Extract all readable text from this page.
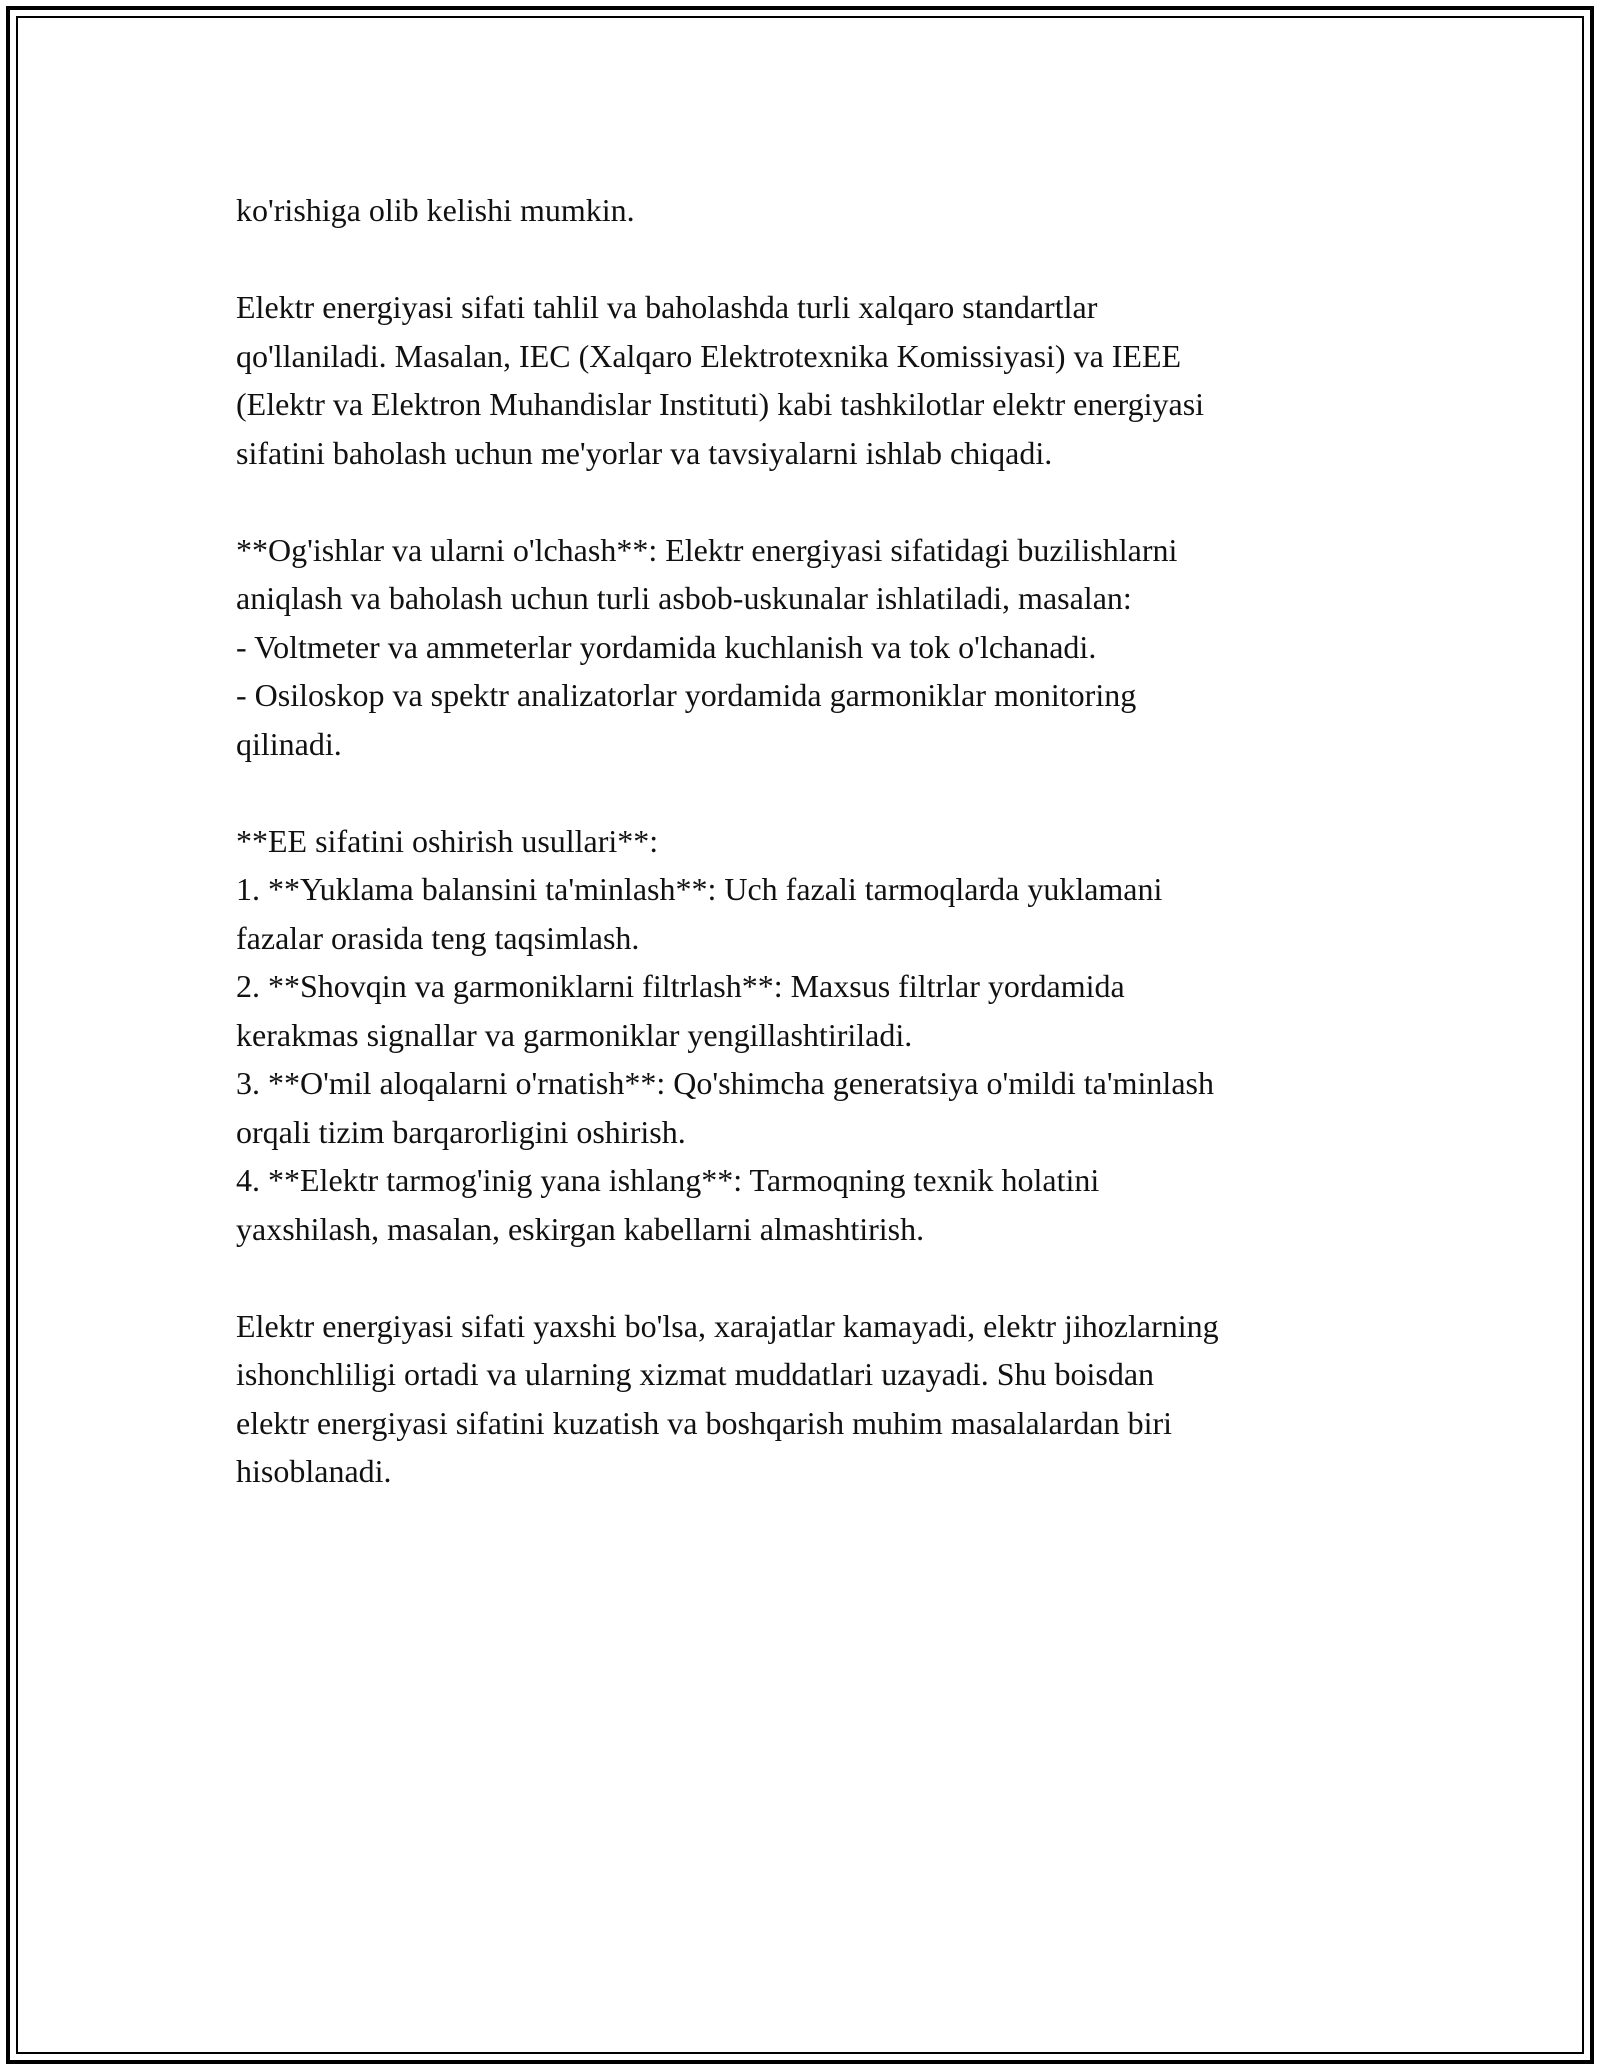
ko'rishiga olib kelishi mumkin.

Elektr energiyasi sifati tahlil va baholashda turli xalqaro standartlar
qo'llaniladi. Masalan, IEC (Xalqaro Elektrotexnika Komissiyasi) va IEEE
(Elektr va Elektron Muhandislar Instituti) kabi tashkilotlar elektr energiyasi
sifatini baholash uchun me'yorlar va tavsiyalarni ishlab chiqadi.

**Og'ishlar va ularni o'lchash**: Elektr energiyasi sifatidagi buzilishlarni
aniqlash va baholash uchun turli asbob-uskunalar ishlatiladi, masalan:
- Voltmeter va ammeterlar yordamida kuchlanish va tok o'lchanadi.
- Osiloskop va spektr analizatorlar yordamida garmoniklar monitoring
qilinadi.

**EE sifatini oshirish usullari**:
1. **Yuklama balansini ta'minlash**: Uch fazali tarmoqlarda yuklamani
fazalar orasida teng taqsimlash.
2. **Shovqin va garmoniklarni filtrlash**: Maxsus filtrlar yordamida
kerakmas signallar va garmoniklar yengillashtiriladi.
3. **O'mil aloqalarni o'rnatish**: Qo'shimcha generatsiya o'mildi ta'minlash
orqali tizim barqarorligini oshirish.
4. **Elektr tarmog'inig yana ishlang**: Tarmoqning texnik holatini
yaxshilash, masalan, eskirgan kabellarni almashtirish.

Elektr energiyasi sifati yaxshi bo'lsa, xarajatlar kamayadi, elektr jihozlarning
ishonchliligi ortadi va ularning xizmat muddatlari uzayadi. Shu boisdan
elektr energiyasi sifatini kuzatish va boshqarish muhim masalalardan biri
hisoblanadi.
